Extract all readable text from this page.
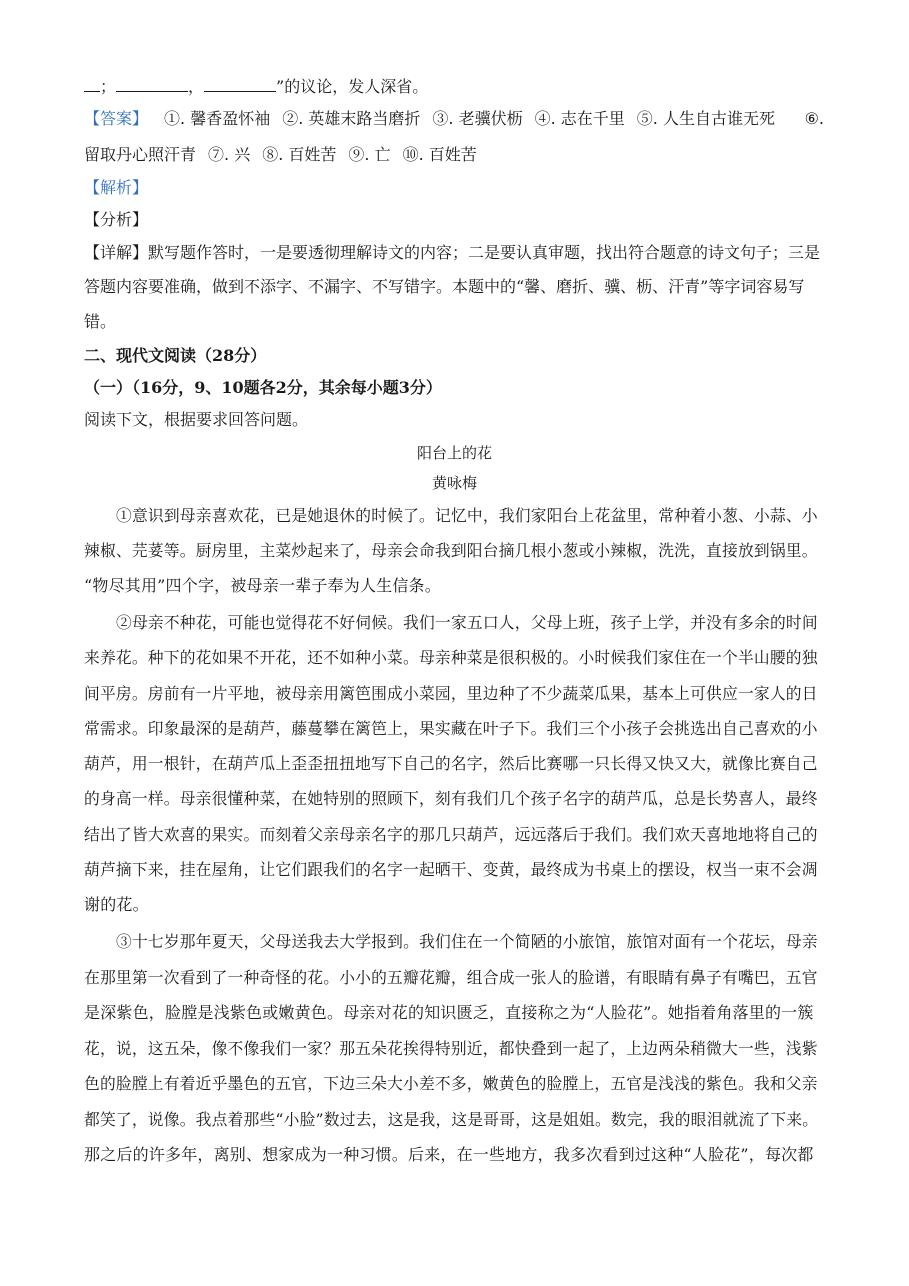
；	，	”的议论，发人深省。
【答案】 ①. 馨香盈怀袖 ②. 英雄末路当磨折 ③. 老骥伏枥 ④. 志在千里 ⑤. 人生自古谁无死 ⑥.
留取丹心照汗青 ⑦. 兴 ⑧. 百姓苦 ⑨. 亡 ⑩. 百姓苦
【解析】
【分析】
【详解】默写题作答时，一是要透彻理解诗文的内容；二是要认真审题，找出符合题意的诗文句子；三是
答题内容要准确，做到不添字、不漏字、不写错字。本题中的“馨、磨折、骥、枥、汗青”等字词容易写
错。
二、现代文阅读（28分）
（一）（16分，9、10题各2分，其余每小题3分）
阅读下文，根据要求回答问题。
阳台上的花
黄咏梅
①意识到母亲喜欢花，已是她退休的时候了。记忆中，我们家阳台上花盆里，常种着小葱、小蒜、小
辣椒、芫荽等。厨房里，主菜炒起来了，母亲会命我到阳台摘几根小葱或小辣椒，洗洗，直接放到锅里。
“物尽其用”四个字，被母亲一辈子奉为人生信条。
②母亲不种花，可能也觉得花不好伺候。我们一家五口人，父母上班，孩子上学，并没有多余的时间
来养花。种下的花如果不开花，还不如种小菜。母亲种菜是很积极的。小时候我们家住在一个半山腰的独
间平房。房前有一片平地，被母亲用篱笆围成小菜园，里边种了不少蔬菜瓜果，基本上可供应一家人的日
常需求。印象最深的是葫芦，藤蔓攀在篱笆上，果实藏在叶子下。我们三个小孩子会挑选出自己喜欢的小
葫芦，用一根针，在葫芦瓜上歪歪扭扭地写下自己的名字，然后比赛哪一只长得又快又大，就像比赛自己
的身高一样。母亲很懂种菜，在她特别的照顾下，刻有我们几个孩子名字的葫芦瓜，总是长势喜人，最终
结出了皆大欢喜的果实。而刻着父亲母亲名字的那几只葫芦，远远落后于我们。我们欢天喜地地将自己的
葫芦摘下来，挂在屋角，让它们跟我们的名字一起晒干、变黄，最终成为书桌上的摆设，权当一束不会凋
谢的花。
③十七岁那年夏天，父母送我去大学报到。我们住在一个简陋的小旅馆，旅馆对面有一个花坛，母亲
在那里第一次看到了一种奇怪的花。小小的五瓣花瓣，组合成一张人的脸谱，有眼睛有鼻子有嘴巴，五官
是深紫色，脸膛是浅紫色或嫩黄色。母亲对花的知识匮乏，直接称之为“人脸花”。她指着角落里的一簇
花，说，这五朵，像不像我们一家？那五朵花挨得特别近，都快叠到一起了，上边两朵稍微大一些，浅紫
色的脸膛上有着近乎墨色的五官，下边三朵大小差不多，嫩黄色的脸膛上，五官是浅浅的紫色。我和父亲
都笑了，说像。我点着那些“小脸”数过去，这是我，这是哥哥，这是姐姐。数完，我的眼泪就流了下来。
那之后的许多年，离别、想家成为一种习惯。后来，在一些地方，我多次看到过这种“人脸花”，每次都
